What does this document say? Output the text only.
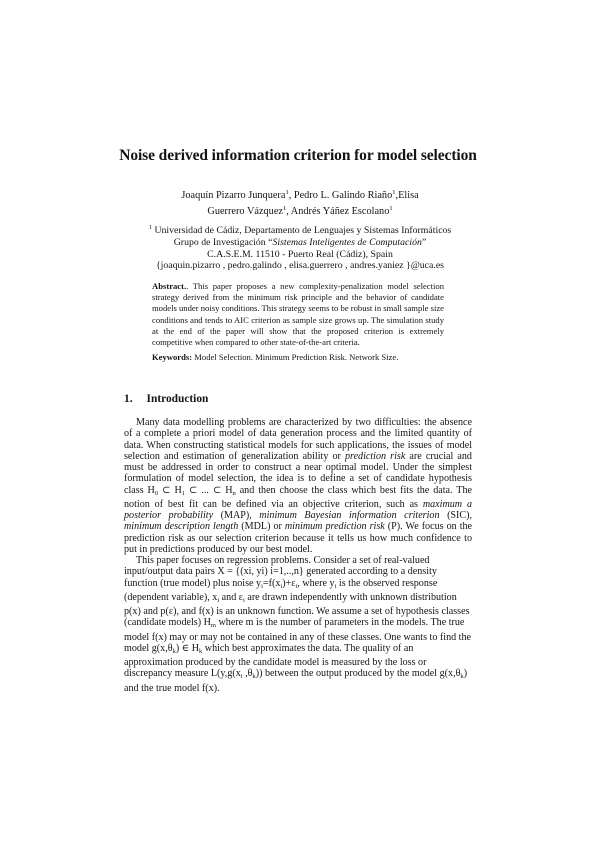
Noise derived information criterion for model selection
Joaquín Pizarro Junquera$^1$, Pedro L. Galindo Riaño$^1$,Elisa Guerrero Vázquez$^1$, Andrés Yáñez Escolano$^1$
$^1$ Universidad de Cádiz, Departamento de Lenguajes y Sistemas Informáticos
Grupo de Investigación “Sistemas Inteligentes de Computación”
C.A.S.E.M. 11510 - Puerto Real (Cádiz), Spain
{joaquin.pizarro , pedro.galindo , elisa.guerrero , andres.yaniez }@uca.es
Abstract.. This paper proposes a new complexity-penalization model selection strategy derived from the minimum risk principle and the behavior of candidate models under noisy conditions. This strategy seems to be robust in small sample size conditions and tends to AIC criterion as sample size grows up. The simulation study at the end of the paper will show that the proposed criterion is extremely competitive when compared to other state-of-the-art criteria.
Keywords: Model Selection. Minimum Prediction Risk. Network Size.
1. Introduction

Many data modelling problems are characterized by two difficulties: the absence of a complete a priori model of data generation process and the limited quantity of data. When constructing statistical models for such applications, the issues of model selection and estimation of generalization ability or prediction risk are crucial and must be addressed in order to construct a near optimal model. Under the simplest formulation of model selection, the idea is to define a set of candidate hypothesis class $H_0$ ⊂ $H_1$ ⊂ ... ⊂ $H_n$ and then choose the class which best fits the data. The notion of best fit can be defined via an objective criterion, such as maximum a posterior probability (MAP), minimum Bayesian information criterion (SIC), minimum description length (MDL) or minimum prediction risk (P). We focus on the prediction risk as our selection criterion because it tells us how much confidence to put in predictions produced by our best model.

This paper focuses on regression problems. Consider a set of real-valued input/output data pairs X = {(xi, yi) i=1,..,n} generated according to a density function (true model) plus noise $y_i=f(x_i)+\varepsilon_i$, where $y_i$ is the observed response (dependent variable), $x_i$ and $\varepsilon_i$ are drawn independently with unknown distribution p(x) and p(ε), and f(x) is an unknown function. We assume a set of hypothesis classes (candidate models) $H_m$ where m is the number of parameters in the models. The true model f(x) may or may not be contained in any of these classes. One wants to find the model $g(x,\theta_k)$ ∈ $H_k$ which best approximates the data. The quality of an approximation produced by the candidate model is measured by the loss or discrepancy measure $L(y,g(x_i$ $,\theta_k$)) between the output produced by the model $g(x,\theta_k)$ and the true model f(x).
